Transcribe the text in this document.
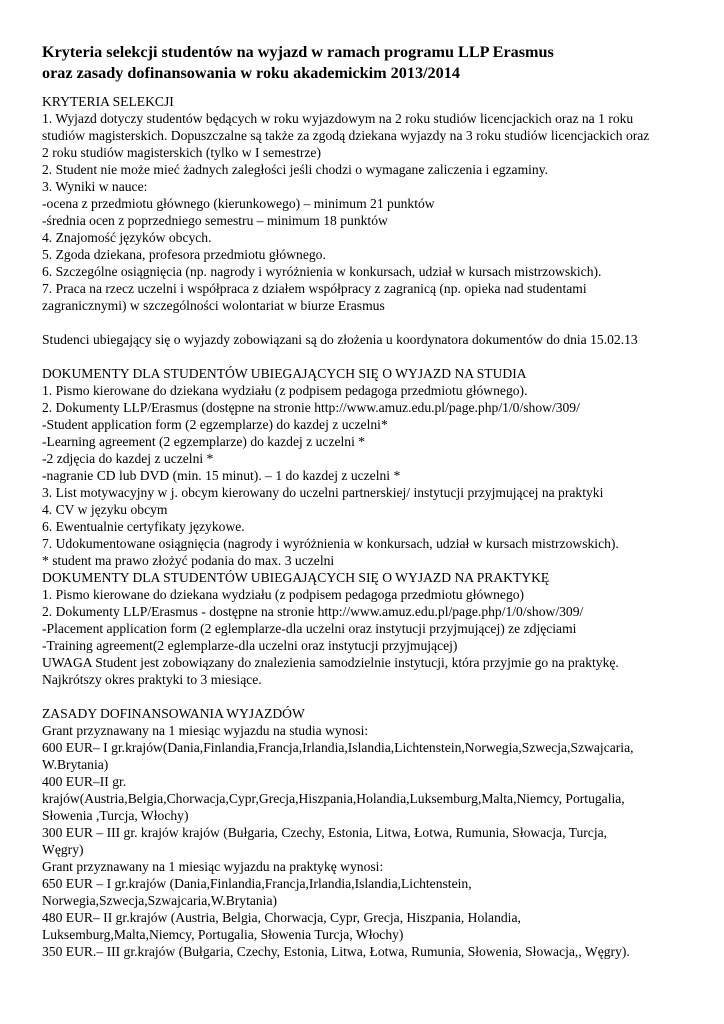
Kryteria selekcji studentów na wyjazd w ramach programu LLP Erasmus
oraz zasady dofinansowania w roku akademickim 2013/2014
KRYTERIA SELEKCJI
1. Wyjazd dotyczy studentów będących w roku wyjazdowym na 2 roku studiów licencjackich oraz na 1 roku
studiów magisterskich. Dopuszczalne są także za zgodą dziekana wyjazdy na 3 roku studiów licencjackich oraz
2 roku studiów magisterskich (tylko w I semestrze)
2. Student nie może mieć żadnych zaległości jeśli chodzi o wymagane zaliczenia i egzaminy.
3. Wyniki w nauce:
-ocena z przedmiotu głównego (kierunkowego) – minimum 21 punktów
-średnia ocen z poprzedniego semestru – minimum 18 punktów
4. Znajomość języków obcych.
5. Zgoda dziekana, profesora przedmiotu głównego.
6. Szczególne osiągnięcia (np. nagrody i wyróżnienia w konkursach, udział w kursach mistrzowskich).
7. Praca na rzecz uczelni i współpraca z działem współpracy z zagranicą (np. opieka nad studentami
zagranicznymi) w szczególności wolontariat w biurze Erasmus
Studenci ubiegający się o wyjazdy zobowiązani są do złożenia u koordynatora dokumentów do dnia 15.02.13
DOKUMENTY DLA STUDENTÓW UBIEGAJĄCYCH SIĘ O WYJAZD NA STUDIA
1. Pismo kierowane do dziekana wydziału (z podpisem pedagoga przedmiotu głównego).
2. Dokumenty LLP/Erasmus (dostępne na stronie http://www.amuz.edu.pl/page.php/1/0/show/309/
-Student application form (2 egzemplarze) do kazdej z uczelni*
-Learning agreement (2 egzemplarze) do kazdej z uczelni *
-2 zdjęcia do kazdej z uczelni *
-nagranie CD lub DVD (min. 15 minut). – 1 do kazdej z uczelni *
3. List motywacyjny w j. obcym kierowany do uczelni partnerskiej/ instytucji przyjmującej na praktyki
4. CV w języku obcym
6. Ewentualnie certyfikaty językowe.
7. Udokumentowane osiągnięcia (nagrody i wyróżnienia w konkursach, udział w kursach mistrzowskich).
* student ma prawo złożyć podania do max. 3 uczelni
DOKUMENTY DLA STUDENTÓW UBIEGAJĄCYCH SIĘ O WYJAZD NA PRAKTYKĘ
1. Pismo kierowane do dziekana wydziału (z podpisem pedagoga przedmiotu głównego)
2. Dokumenty LLP/Erasmus - dostępne na stronie http://www.amuz.edu.pl/page.php/1/0/show/309/
-Placement application form (2 eglemplarze-dla uczelni oraz instytucji przyjmującej) ze zdjęciami
-Training agreement(2 eglemplarze-dla uczelni oraz instytucji przyjmującej)
UWAGA Student jest zobowiązany do znalezienia samodzielnie instytucji, która przyjmie go na praktykę.
Najkrótszy okres praktyki to 3 miesiące.
ZASADY DOFINANSOWANIA WYJAZDÓW
Grant przyznawany na 1 miesiąc wyjazdu na studia wynosi:
600 EUR– I gr.krajów(Dania,Finlandia,Francja,Irlandia,Islandia,Lichtenstein,Norwegia,Szwecja,Szwajcaria,
W.Brytania)
400 EUR–II gr.
krajów(Austria,Belgia,Chorwacja,Cypr,Grecja,Hiszpania,Holandia,Luksemburg,Malta,Niemcy, Portugalia,
Słowenia ,Turcja, Włochy)
300 EUR – III gr. krajów krajów (Bułgaria, Czechy, Estonia, Litwa, Łotwa, Rumunia, Słowacja, Turcja,
Węgry)
Grant przyznawany na 1 miesiąc wyjazdu na praktykę wynosi:
650 EUR – I gr.krajów (Dania,Finlandia,Francja,Irlandia,Islandia,Lichtenstein,
Norwegia,Szwecja,Szwajcaria,W.Brytania)
480 EUR– II gr.krajów (Austria, Belgia, Chorwacja, Cypr, Grecja, Hiszpania, Holandia,
Luksemburg,Malta,Niemcy, Portugalia, Słowenia Turcja, Włochy)
350 EUR.– III gr.krajów (Bułgaria, Czechy, Estonia, Litwa, Łotwa, Rumunia, Słowenia, Słowacja,, Węgry).
